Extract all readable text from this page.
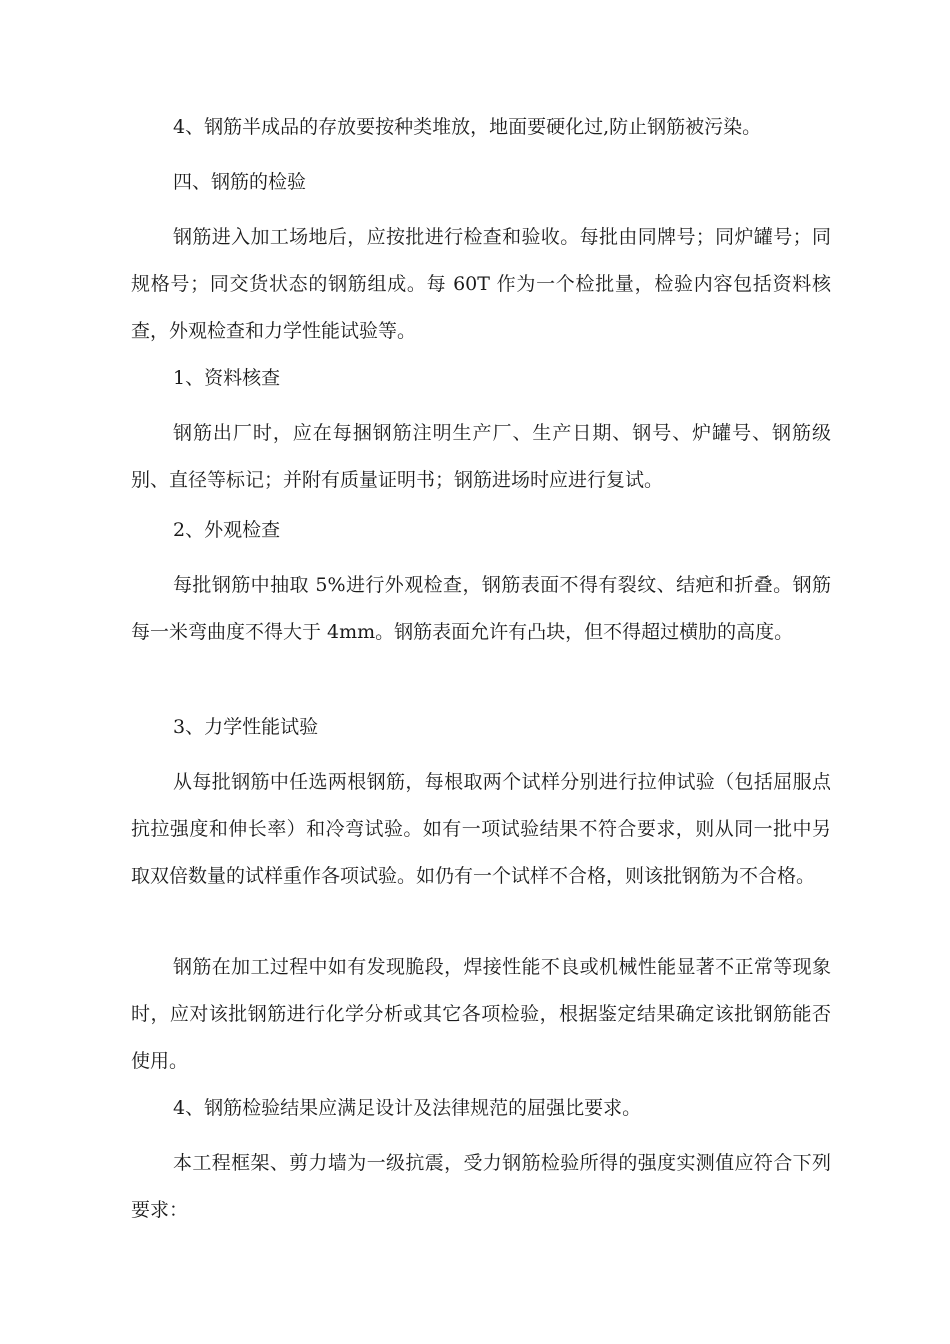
4、钢筋半成品的存放要按种类堆放，地面要硬化过,防止钢筋被污染。

四、钢筋的检验

钢筋进入加工场地后，应按批进行检查和验收。每批由同牌号；同炉罐号；同规格号；同交货状态的钢筋组成。每 60T 作为一个检批量，检验内容包括资料核查，外观检查和力学性能试验等。

1、资料核查

钢筋出厂时，应在每捆钢筋注明生产厂、生产日期、钢号、炉罐号、钢筋级别、直径等标记；并附有质量证明书；钢筋进场时应进行复试。

2、外观检查

每批钢筋中抽取 5%进行外观检查，钢筋表面不得有裂纹、结疤和折叠。钢筋每一米弯曲度不得大于 4mm。钢筋表面允许有凸块，但不得超过横肋的高度。

3、力学性能试验

从每批钢筋中任选两根钢筋，每根取两个试样分别进行拉伸试验（包括屈服点抗拉强度和伸长率）和冷弯试验。如有一项试验结果不符合要求，则从同一批中另取双倍数量的试样重作各项试验。如仍有一个试样不合格，则该批钢筋为不合格。

钢筋在加工过程中如有发现脆段，焊接性能不良或机械性能显著不正常等现象时，应对该批钢筋进行化学分析或其它各项检验，根据鉴定结果确定该批钢筋能否使用。

4、钢筋检验结果应满足设计及法律规范的屈强比要求。

本工程框架、剪力墙为一级抗震，受力钢筋检验所得的强度实测值应符合下列要求：
